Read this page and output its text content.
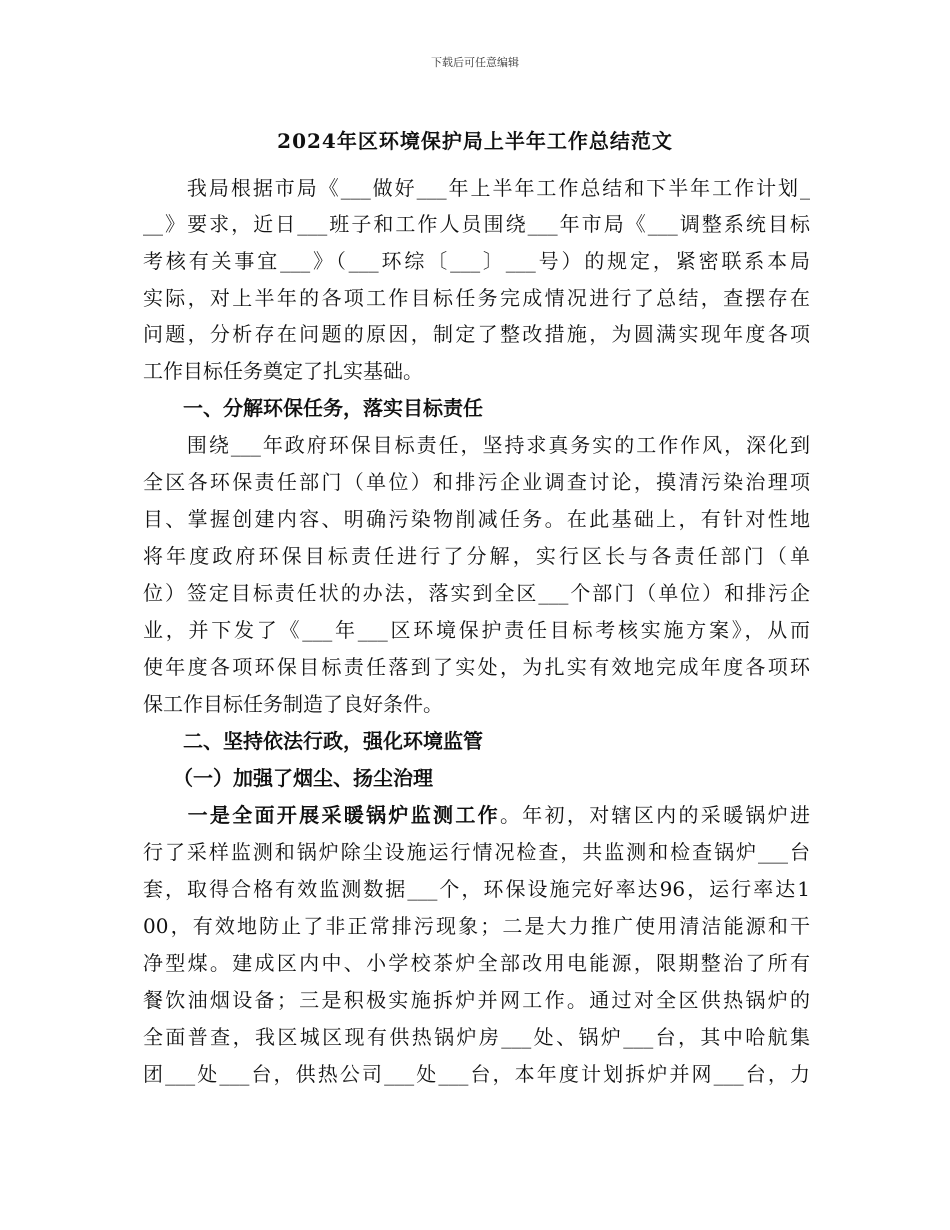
下载后可任意编辑
2024年区环境保护局上半年工作总结范文
　　我局根据市局《___做好___年上半年工作总结和下半年工作计划_
__》要求，近日___班子和工作人员围绕___年市局《___调整系统目标
考核有关事宜___》（___环综〔___〕___号）的规定，紧密联系本局
实际，对上半年的各项工作目标任务完成情况进行了总结，查摆存在
问题，分析存在问题的原因，制定了整改措施，为圆满实现年度各项
工作目标任务奠定了扎实基础。
　　一、分解环保任务，落实目标责任
　　围绕___年政府环保目标责任，坚持求真务实的工作作风，深化到
全区各环保责任部门（单位）和排污企业调查讨论，摸清污染治理项
目、掌握创建内容、明确污染物削减任务。在此基础上，有针对性地
将年度政府环保目标责任进行了分解，实行区长与各责任部门（单
位）签定目标责任状的办法，落实到全区___个部门（单位）和排污企
业，并下发了《___年___区环境保护责任目标考核实施方案》，从而
使年度各项环保目标责任落到了实处，为扎实有效地完成年度各项环
保工作目标任务制造了良好条件。
　　二、坚持依法行政，强化环境监管
　　（一）加强了烟尘、扬尘治理
　　一是全面开展采暖锅炉监测工作。年初，对辖区内的采暖锅炉进
行了采样监测和锅炉除尘设施运行情况检查，共监测和检查锅炉___台
套，取得合格有效监测数据___个，环保设施完好率达96，运行率达1
00，有效地防止了非正常排污现象；二是大力推广使用清洁能源和干
净型煤。建成区内中、小学校茶炉全部改用电能源，限期整治了所有
餐饮油烟设备；三是积极实施拆炉并网工作。通过对全区供热锅炉的
全面普查，我区城区现有供热锅炉房___处、锅炉___台，其中哈航集
团___处___台，供热公司___处___台，本年度计划拆炉并网___台，力
